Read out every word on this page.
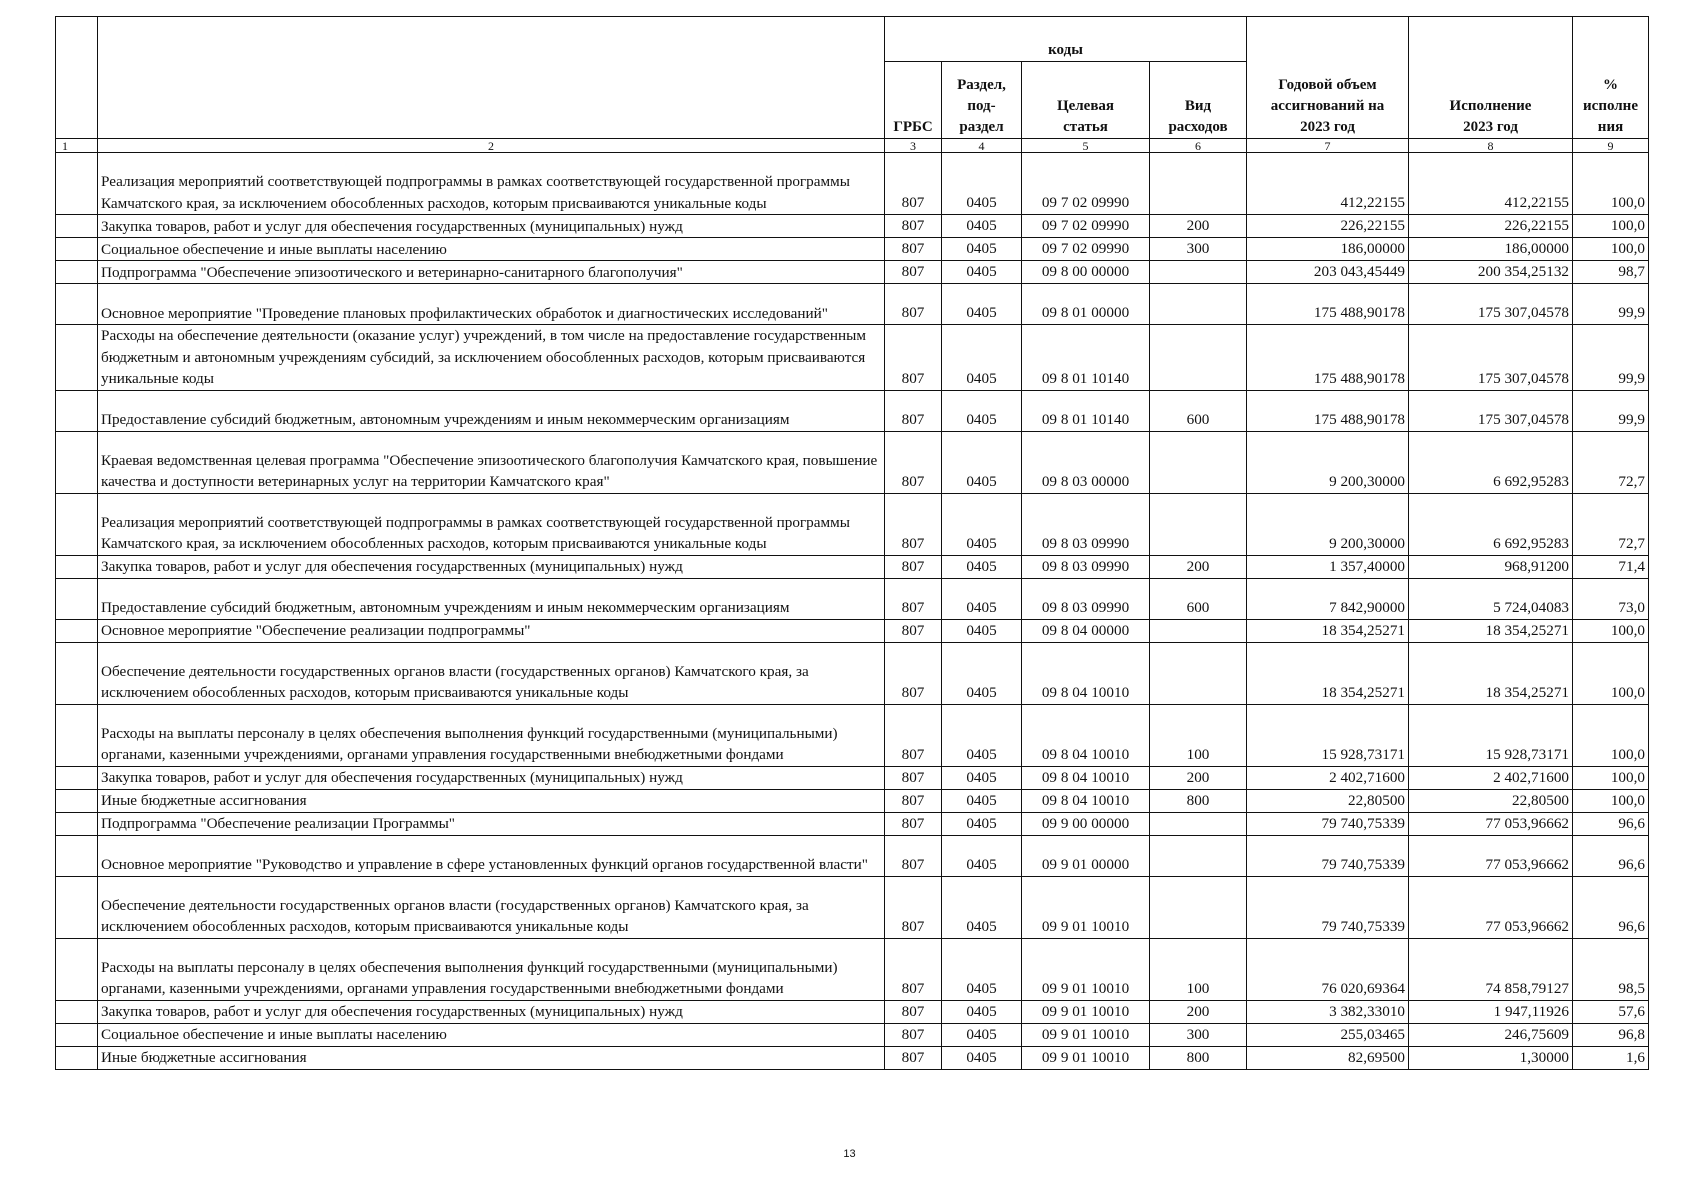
		коды				Годовой объем ассигнований на 2023 год	Исполнение 2023 год	% исполне ния
		ГРБС	Раздел, под-раздел	Целевая статья	Вид расходов			
1	2	3	4	5	6	7	8	9
	Реализация мероприятий соответствующей подпрограммы в рамках соответствующей государственной программы Камчатского края, за исключением обособленных расходов, которым присваиваются уникальные коды	807	0405	09 7 02 09990		412,22155	412,22155	100,0
	Закупка товаров, работ и услуг для обеспечения государственных (муниципальных) нужд	807	0405	09 7 02 09990	200	226,22155	226,22155	100,0
	Социальное обеспечение и иные выплаты населению	807	0405	09 7 02 09990	300	186,00000	186,00000	100,0
	Подпрограмма "Обеспечение эпизоотического и ветеринарно-санитарного благополучия"	807	0405	09 8 00 00000		203 043,45449	200 354,25132	98,7
	Основное мероприятие "Проведение плановых профилактических обработок и диагностических исследований"	807	0405	09 8 01 00000		175 488,90178	175 307,04578	99,9
	Расходы на обеспечение деятельности (оказание услуг) учреждений, в том числе на предоставление государственным бюджетным и автономным учреждениям субсидий, за исключением обособленных расходов, которым присваиваются уникальные коды	807	0405	09 8 01 10140		175 488,90178	175 307,04578	99,9
	Предоставление субсидий бюджетным, автономным учреждениям и иным некоммерческим организациям	807	0405	09 8 01 10140	600	175 488,90178	175 307,04578	99,9
	Краевая ведомственная целевая программа "Обеспечение эпизоотического благополучия Камчатского края, повышение качества и доступности ветеринарных услуг на территории Камчатского края"	807	0405	09 8 03 00000		9 200,30000	6 692,95283	72,7
	Реализация мероприятий соответствующей подпрограммы в рамках соответствующей государственной программы Камчатского края, за исключением обособленных расходов, которым присваиваются уникальные коды	807	0405	09 8 03 09990		9 200,30000	6 692,95283	72,7
	Закупка товаров, работ и услуг для обеспечения государственных (муниципальных) нужд	807	0405	09 8 03 09990	200	1 357,40000	968,91200	71,4
	Предоставление субсидий бюджетным, автономным учреждениям и иным некоммерческим организациям	807	0405	09 8 03 09990	600	7 842,90000	5 724,04083	73,0
	Основное мероприятие "Обеспечение реализации подпрограммы"	807	0405	09 8 04 00000		18 354,25271	18 354,25271	100,0
	Обеспечение деятельности государственных органов власти (государственных органов) Камчатского края, за исключением обособленных расходов, которым присваиваются уникальные коды	807	0405	09 8 04 10010		18 354,25271	18 354,25271	100,0
	Расходы на выплаты персоналу в целях обеспечения выполнения функций государственными (муниципальными) органами, казенными учреждениями, органами управления государственными внебюджетными фондами	807	0405	09 8 04 10010	100	15 928,73171	15 928,73171	100,0
	Закупка товаров, работ и услуг для обеспечения государственных (муниципальных) нужд	807	0405	09 8 04 10010	200	2 402,71600	2 402,71600	100,0
	Иные бюджетные ассигнования	807	0405	09 8 04 10010	800	22,80500	22,80500	100,0
	Подпрограмма "Обеспечение реализации Программы"	807	0405	09 9 00 00000		79 740,75339	77 053,96662	96,6
	Основное мероприятие "Руководство и управление в сфере установленных функций органов государственной власти"	807	0405	09 9 01 00000		79 740,75339	77 053,96662	96,6
	Обеспечение деятельности государственных органов власти (государственных органов) Камчатского края, за исключением обособленных расходов, которым присваиваются уникальные коды	807	0405	09 9 01 10010		79 740,75339	77 053,96662	96,6
	Расходы на выплаты персоналу в целях обеспечения выполнения функций государственными (муниципальными) органами, казенными учреждениями, органами управления государственными внебюджетными фондами	807	0405	09 9 01 10010	100	76 020,69364	74 858,79127	98,5
	Закупка товаров, работ и услуг для обеспечения государственных (муниципальных) нужд	807	0405	09 9 01 10010	200	3 382,33010	1 947,11926	57,6
	Социальное обеспечение и иные выплаты населению	807	0405	09 9 01 10010	300	255,03465	246,75609	96,8
	Иные бюджетные ассигнования	807	0405	09 9 01 10010	800	82,69500	1,30000	1,6
13
